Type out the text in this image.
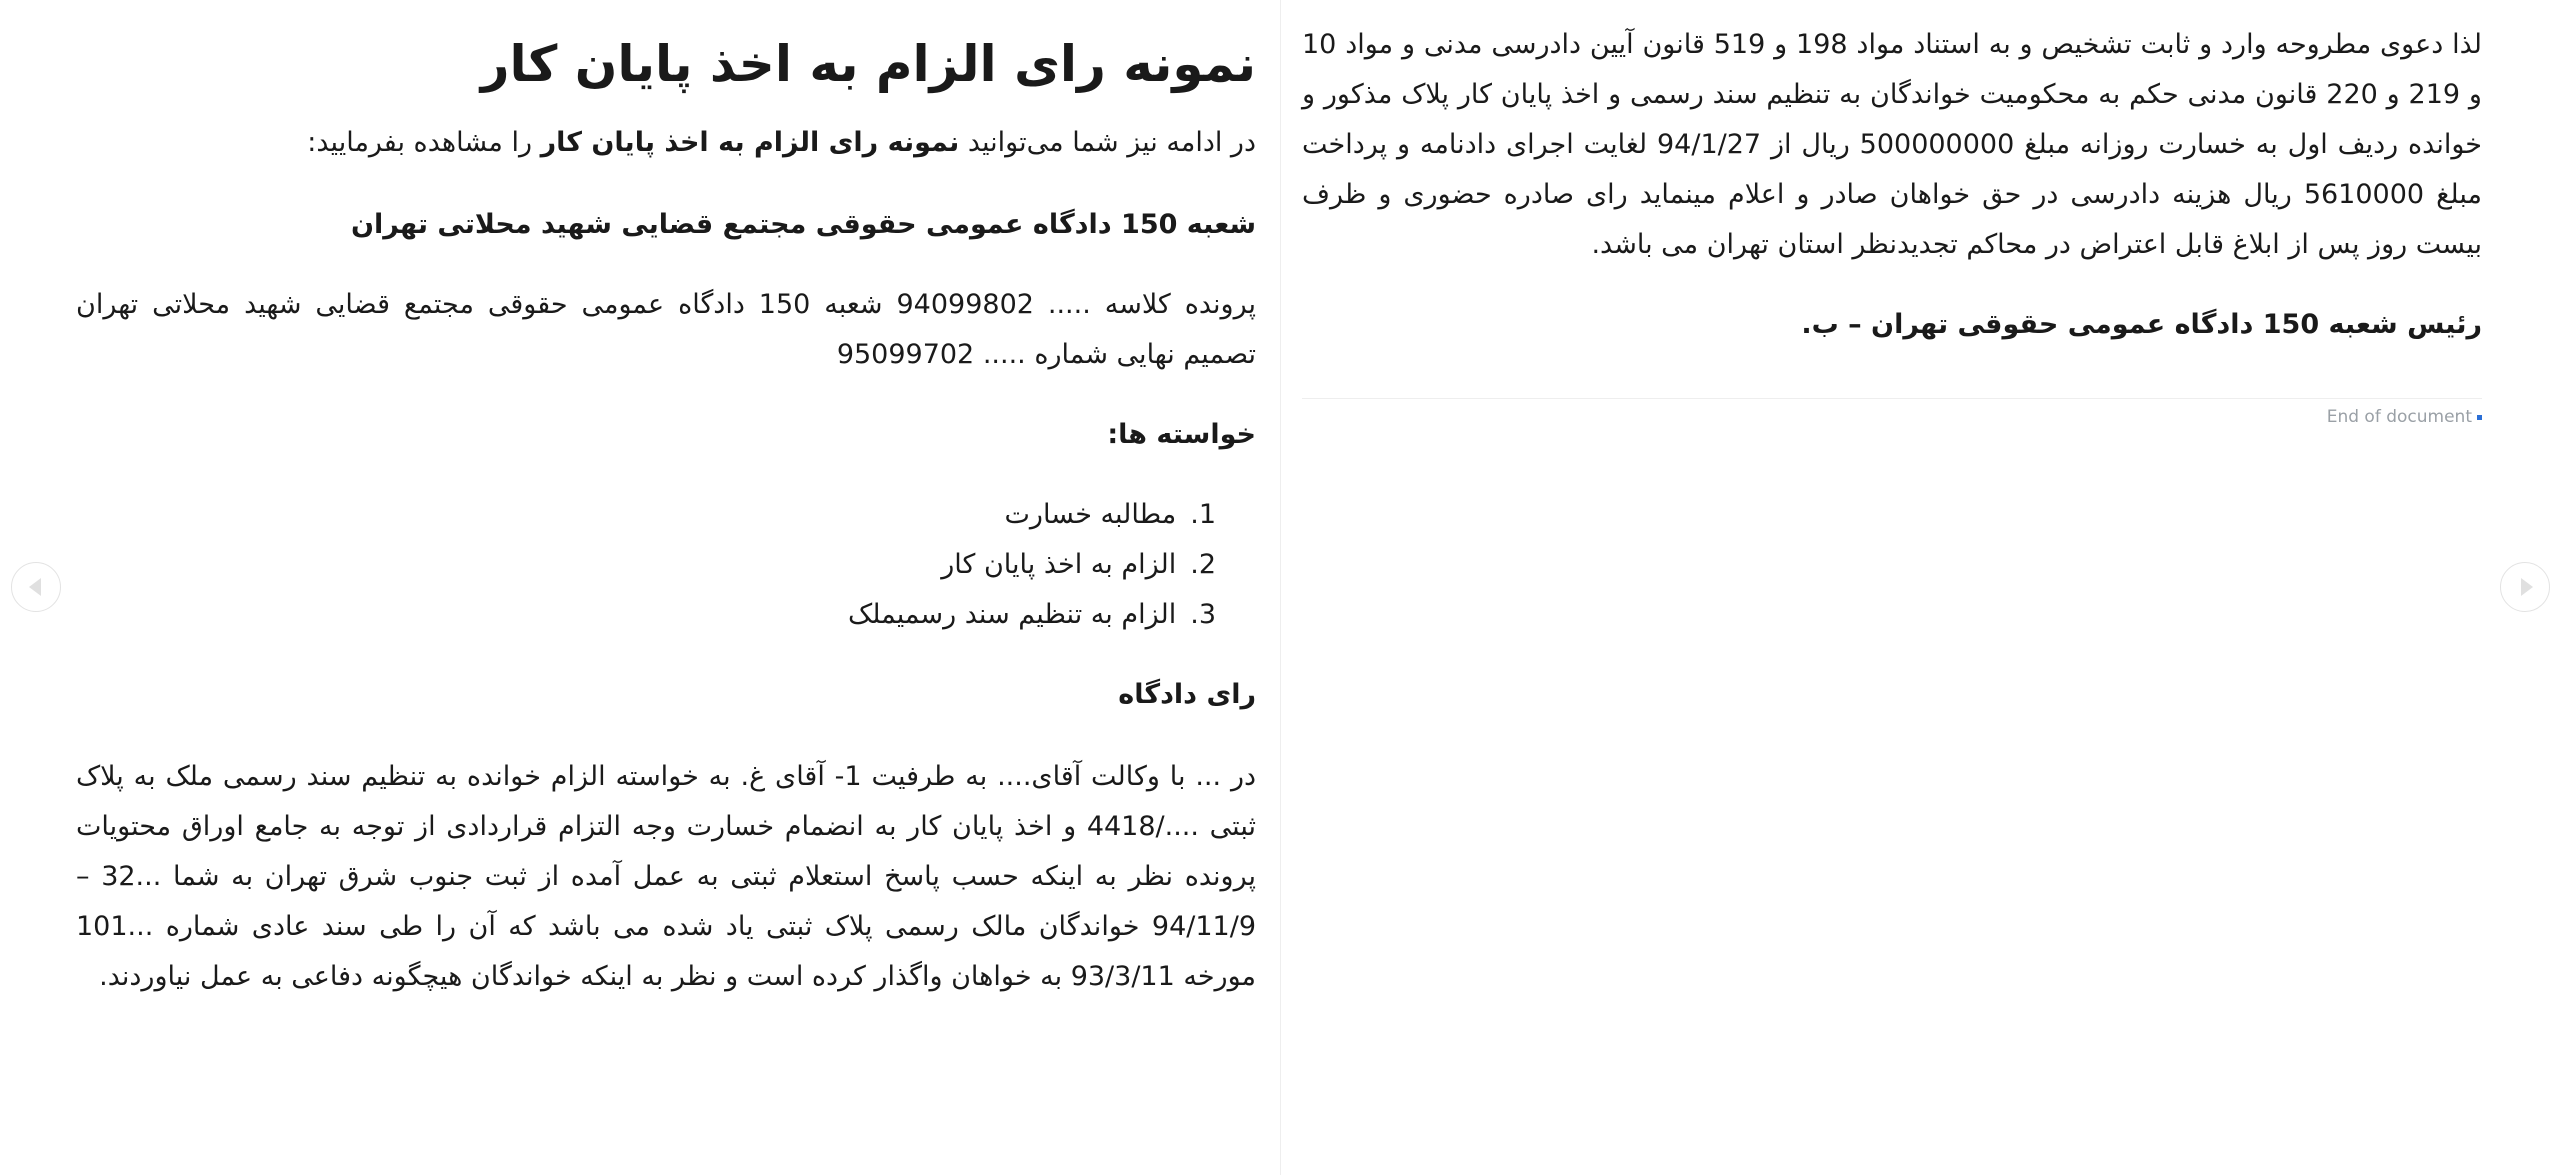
نمونه رای الزام به اخذ پایان کار

در ادامه نیز شما می‌توانید نمونه رای الزام به اخذ پایان کار را مشاهده بفرمایید:

شعبه 150 دادگاه عمومی حقوقی مجتمع قضایی شهید محلاتی تهران

پرونده کلاسه ..... 94099802 شعبه 150 دادگاه عمومی حقوقی مجتمع قضایی شهید محلاتی تهران تصمیم نهایی شماره ..... 95099702

خواسته ها:

1.مطالبه خسارت
2.الزام به اخذ پایان کار
3.الزام به تنظیم سند رسمیملک

رای دادگاه

در ... با وکالت آقای.... به طرفیت 1- آقای غ. به خواسته الزام خوانده به تنظیم سند رسمی ملک به پلاک ثبتی ..../4418 و اخذ پایان کار به انضمام خسارت وجه التزام قراردادی از توجه به جامع اوراق محتویات پرونده نظر به اینکه حسب پاسخ استعلام ثبتی به عمل آمده از ثبت جنوب شرق تهران به شما ...32 – 94/11/9 خواندگان مالک رسمی پلاک ثبتی یاد شده می باشد که آن را طی سند عادی شماره ...101 مورخه 93/3/11 به خواهان واگذار کرده است و نظر به اینکه خواندگان هیچگونه دفاعی به عمل نیاوردند.

لذا دعوی مطروحه وارد و ثابت تشخیص و به استناد مواد 198 و 519 قانون آیین دادرسی مدنی و مواد 10 و 219 و 220 قانون مدنی حکم به محکومیت خواندگان به تنظیم سند رسمی و اخذ پایان کار پلاک مذکور و خوانده ردیف اول به خسارت روزانه مبلغ 500000000 ریال از 94/1/27 لغایت اجرای دادنامه و پرداخت مبلغ 5610000 ریال هزینه دادرسی در حق خواهان صادر و اعلام مینماید رای صادره حضوری و ظرف بیست روز پس از ابلاغ قابل اعتراض در محاکم تجدیدنظر استان تهران می باشد.

رئیس شعبه 150 دادگاه عمومی حقوقی تهران – ب.

End of document
